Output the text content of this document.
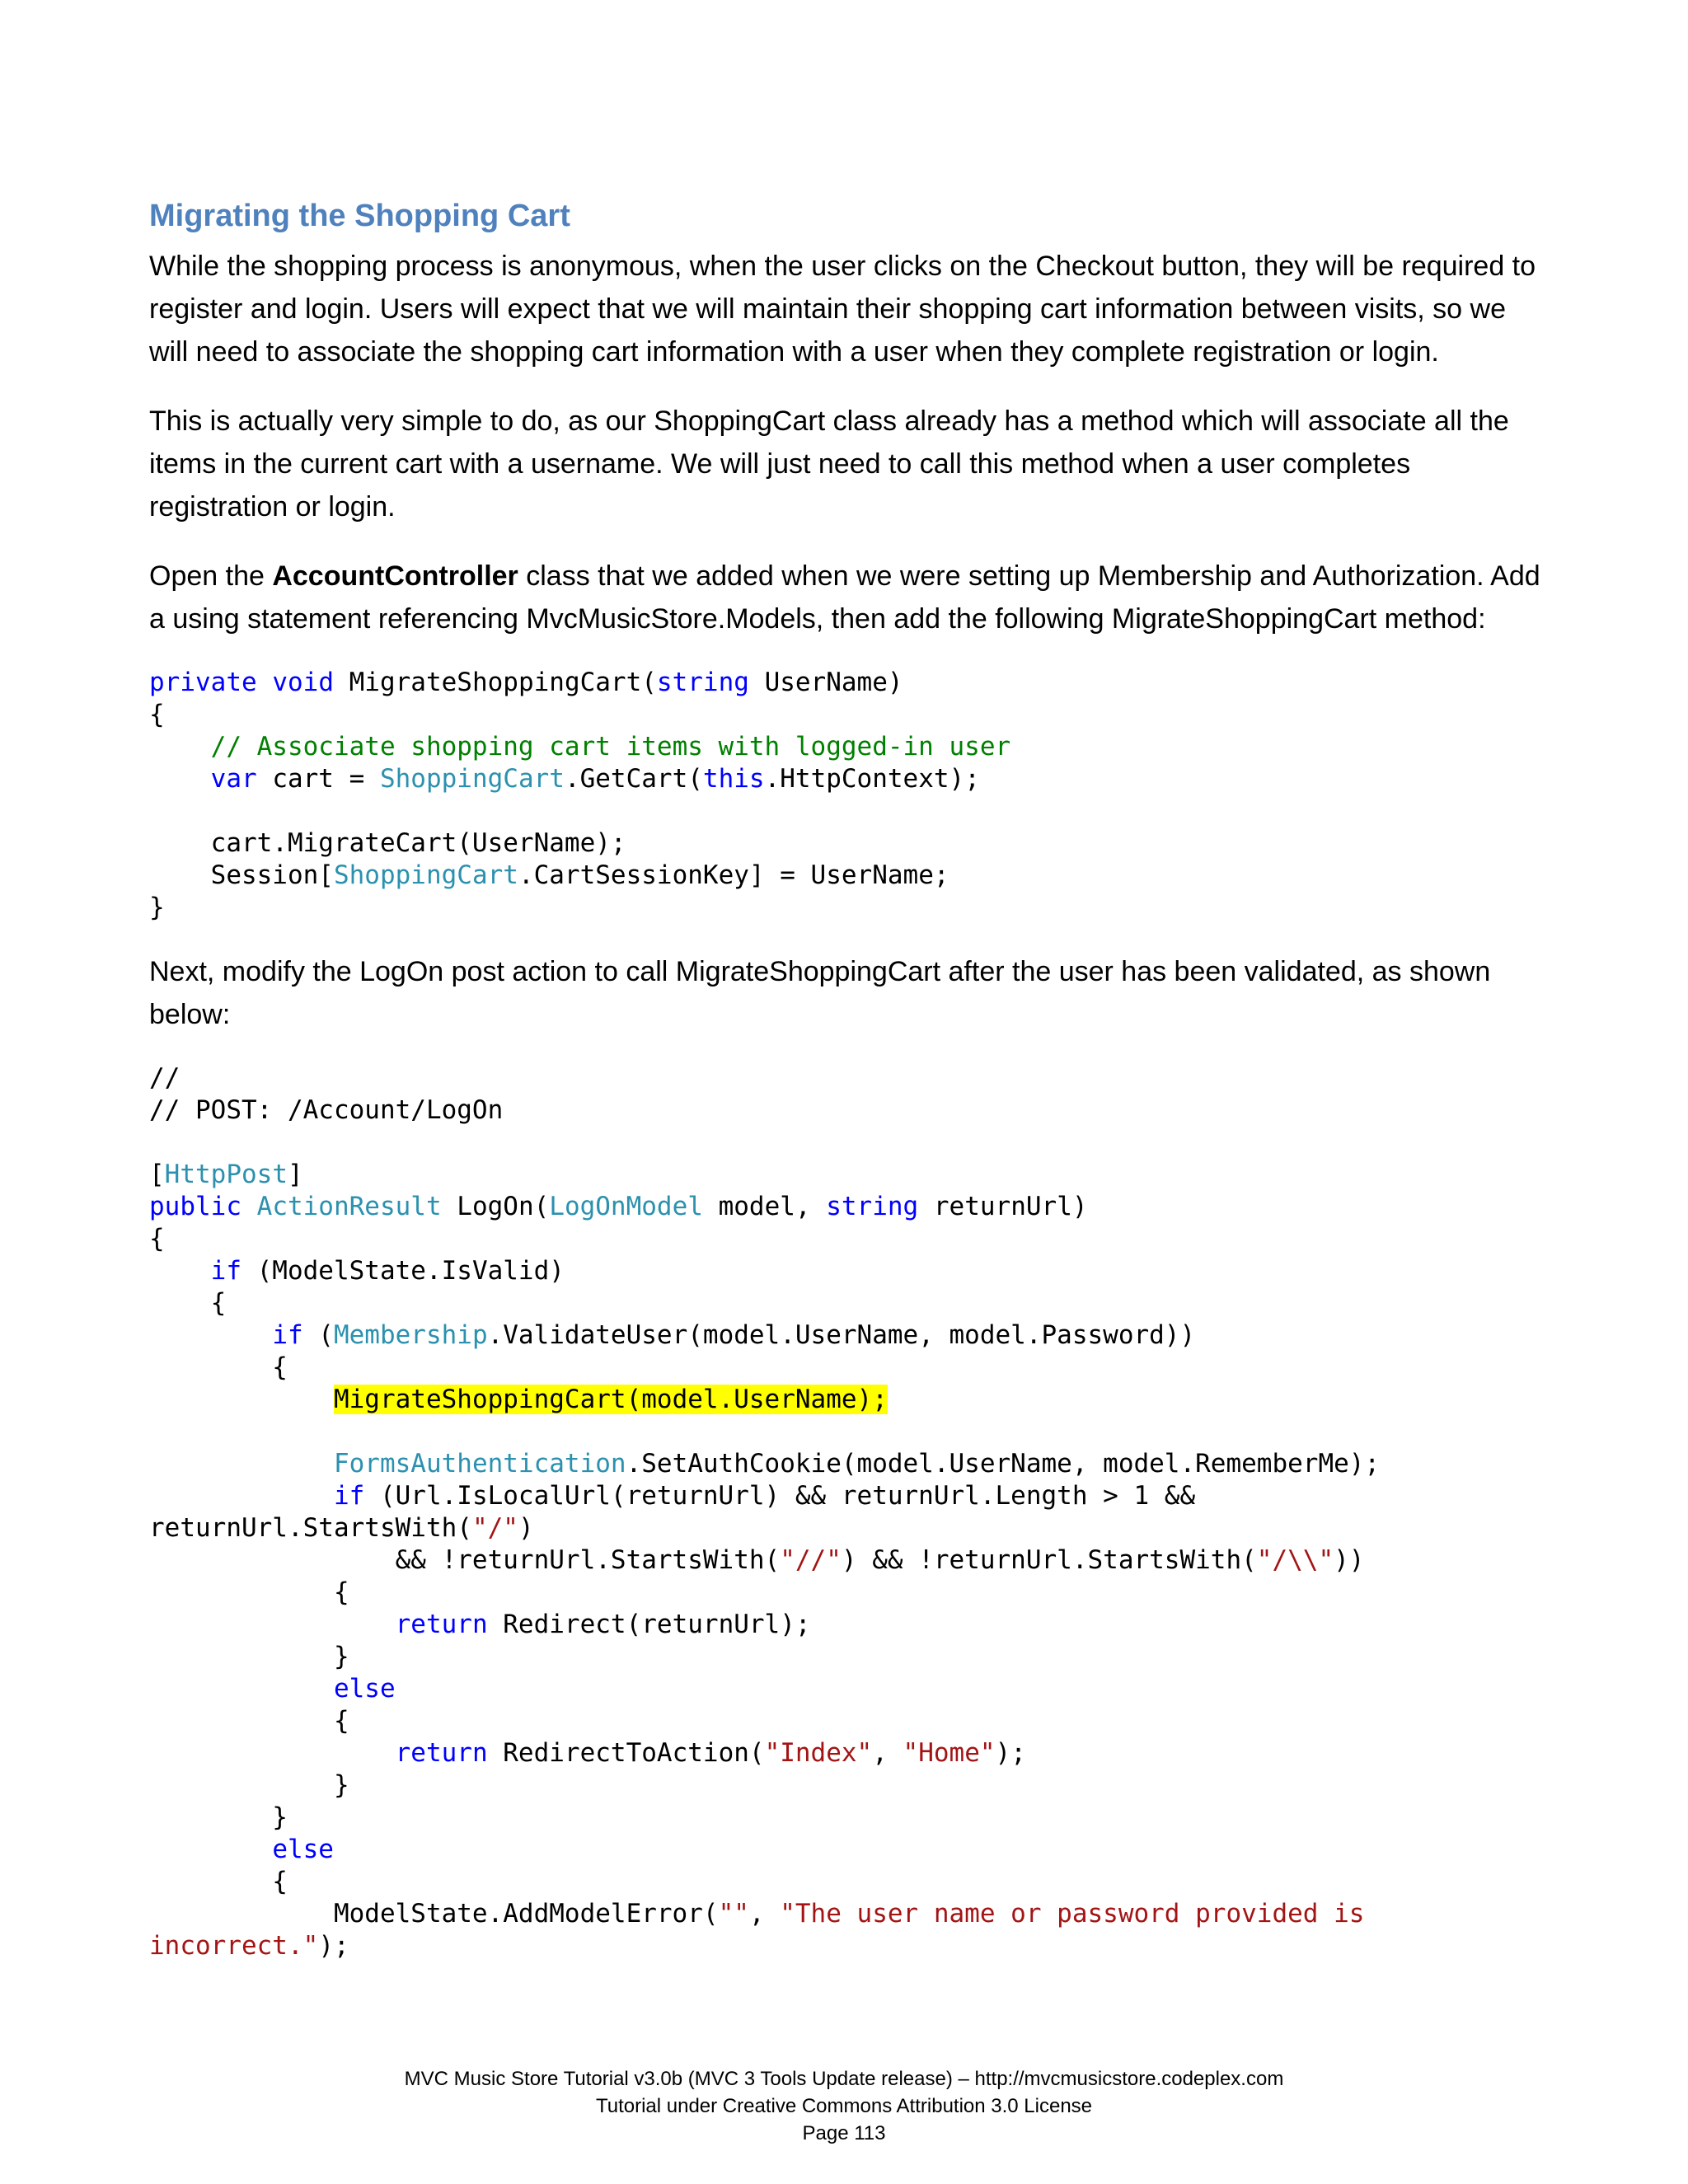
Migrating the Shopping Cart

While the shopping process is anonymous, when the user clicks on the Checkout button, they will be required to register and login. Users will expect that we will maintain their shopping cart information between visits, so we will need to associate the shopping cart information with a user when they complete registration or login.

This is actually very simple to do, as our ShoppingCart class already has a method which will associate all the items in the current cart with a username. We will just need to call this method when a user completes registration or login.

Open the AccountController class that we added when we were setting up Membership and Authorization. Add a using statement referencing MvcMusicStore.Models, then add the following MigrateShoppingCart method:

private void MigrateShoppingCart(string UserName)
{
// Associate shopping cart items with logged-in user
var cart = ShoppingCart.GetCart(this.HttpContext);

cart.MigrateCart(UserName);
Session[ShoppingCart.CartSessionKey] = UserName;
}

Next, modify the LogOn post action to call MigrateShoppingCart after the user has been validated, as shown below:

//
// POST: /Account/LogOn

[HttpPost]
public ActionResult LogOn(LogOnModel model, string returnUrl)
{
if (ModelState.IsValid)
{
if (Membership.ValidateUser(model.UserName, model.Password))
{
MigrateShoppingCart(model.UserName);

FormsAuthentication.SetAuthCookie(model.UserName, model.RememberMe);
if (Url.IsLocalUrl(returnUrl) && returnUrl.Length > 1 &&
returnUrl.StartsWith("/")
&& !returnUrl.StartsWith("//") && !returnUrl.StartsWith("/\\"))
{
return Redirect(returnUrl);
}
else
{
return RedirectToAction("Index", "Home");
}
}
else
{
ModelState.AddModelError("", "The user name or password provided is
incorrect.");
MVC Music Store Tutorial v3.0b (MVC 3 Tools Update release) – http://mvcmusicstore.codeplex.com
Tutorial under Creative Commons Attribution 3.0 License
Page 113
